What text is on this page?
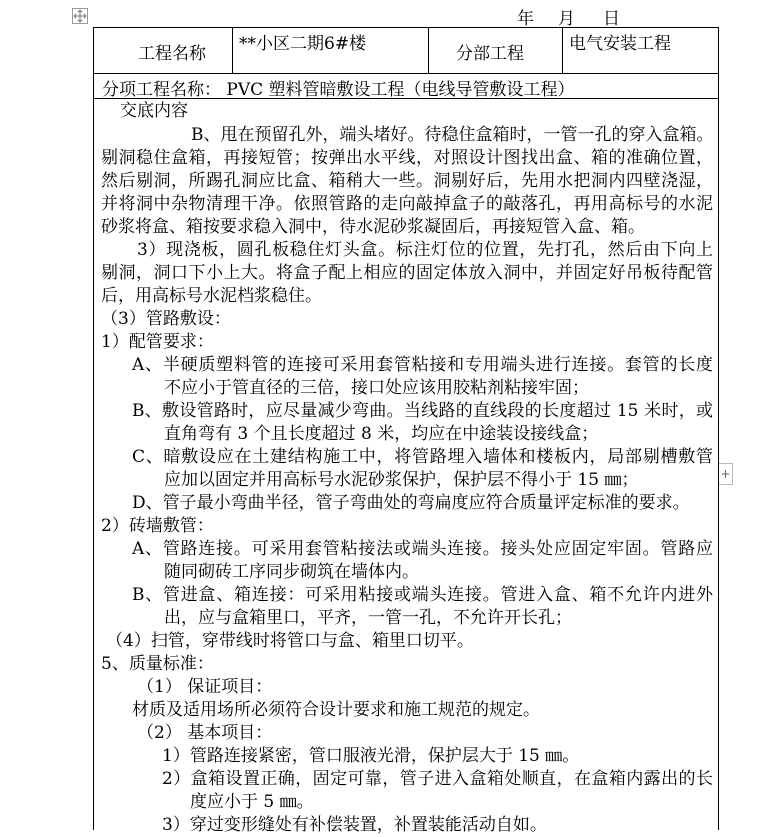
年 月 日
工程名称 **小区二期6#楼	分部工程	电气安装工程
分项工程名称： PVC 塑料管暗敷设工程（电线导管敷设工程）
交底内容
B、甩在预留孔外，端头堵好。待稳住盒箱时，一管一孔的穿入盒箱。
剔洞稳住盒箱，再接短管；按弹出水平线，对照设计图找出盒、箱的准确位置，
然后剔洞，所踢孔洞应比盒、箱稍大一些。洞剔好后，先用水把洞内四壁浇湿，
并将洞中杂物清理干净。依照管路的走向敲掉盒子的敲落孔，再用高标号的水泥
砂浆将盒、箱按要求稳入洞中，待水泥砂浆凝固后，再接短管入盒、箱。
3）现浇板，圆孔板稳住灯头盒。标注灯位的位置，先打孔，然后由下向上
剔洞，洞口下小上大。将盒子配上相应的固定体放入洞中，并固定好吊板待配管
后，用高标号水泥档浆稳住。
（3）管路敷设：
1）配管要求：
A、半硬质塑料管的连接可采用套管粘接和专用端头进行连接。套管的长度
不应小于管直径的三倍，接口处应该用胶粘剂粘接牢固；
B、敷设管路时，应尽量减少弯曲。当线路的直线段的长度超过 15 米时，或
直角弯有 3 个且长度超过 8 米，均应在中途装设接线盒；
C、暗敷设应在土建结构施工中，将管路埋入墙体和楼板内，局部剔槽敷管
应加以固定并用高标号水泥砂浆保护，保护层不得小于 15 ㎜；
D、管子最小弯曲半径，管子弯曲处的弯扁度应符合质量评定标准的要求。
2）砖墙敷管：
A、管路连接。可采用套管粘接法或端头连接。接头处应固定牢固。管路应
随同砌砖工序同步砌筑在墙体内。
B、管进盒、箱连接：可采用粘接或端头连接。管进入盒、箱不允许内进外
出，应与盒箱里口，平齐，一管一孔，不允许开长孔；
（4）扫管，穿带线时将管口与盒、箱里口切平。
5、质量标准：
（1） 保证项目：
材质及适用场所必须符合设计要求和施工规范的规定。
（2） 基本项目：
1）管路连接紧密，管口服液光滑，保护层大于 15 ㎜。
2）盒箱设置正确，固定可靠，管子进入盒箱处顺直，在盒箱内露出的长
度应小于 5 ㎜。
3）穿过变形缝处有补偿装置，补置装能活动自如。
+
